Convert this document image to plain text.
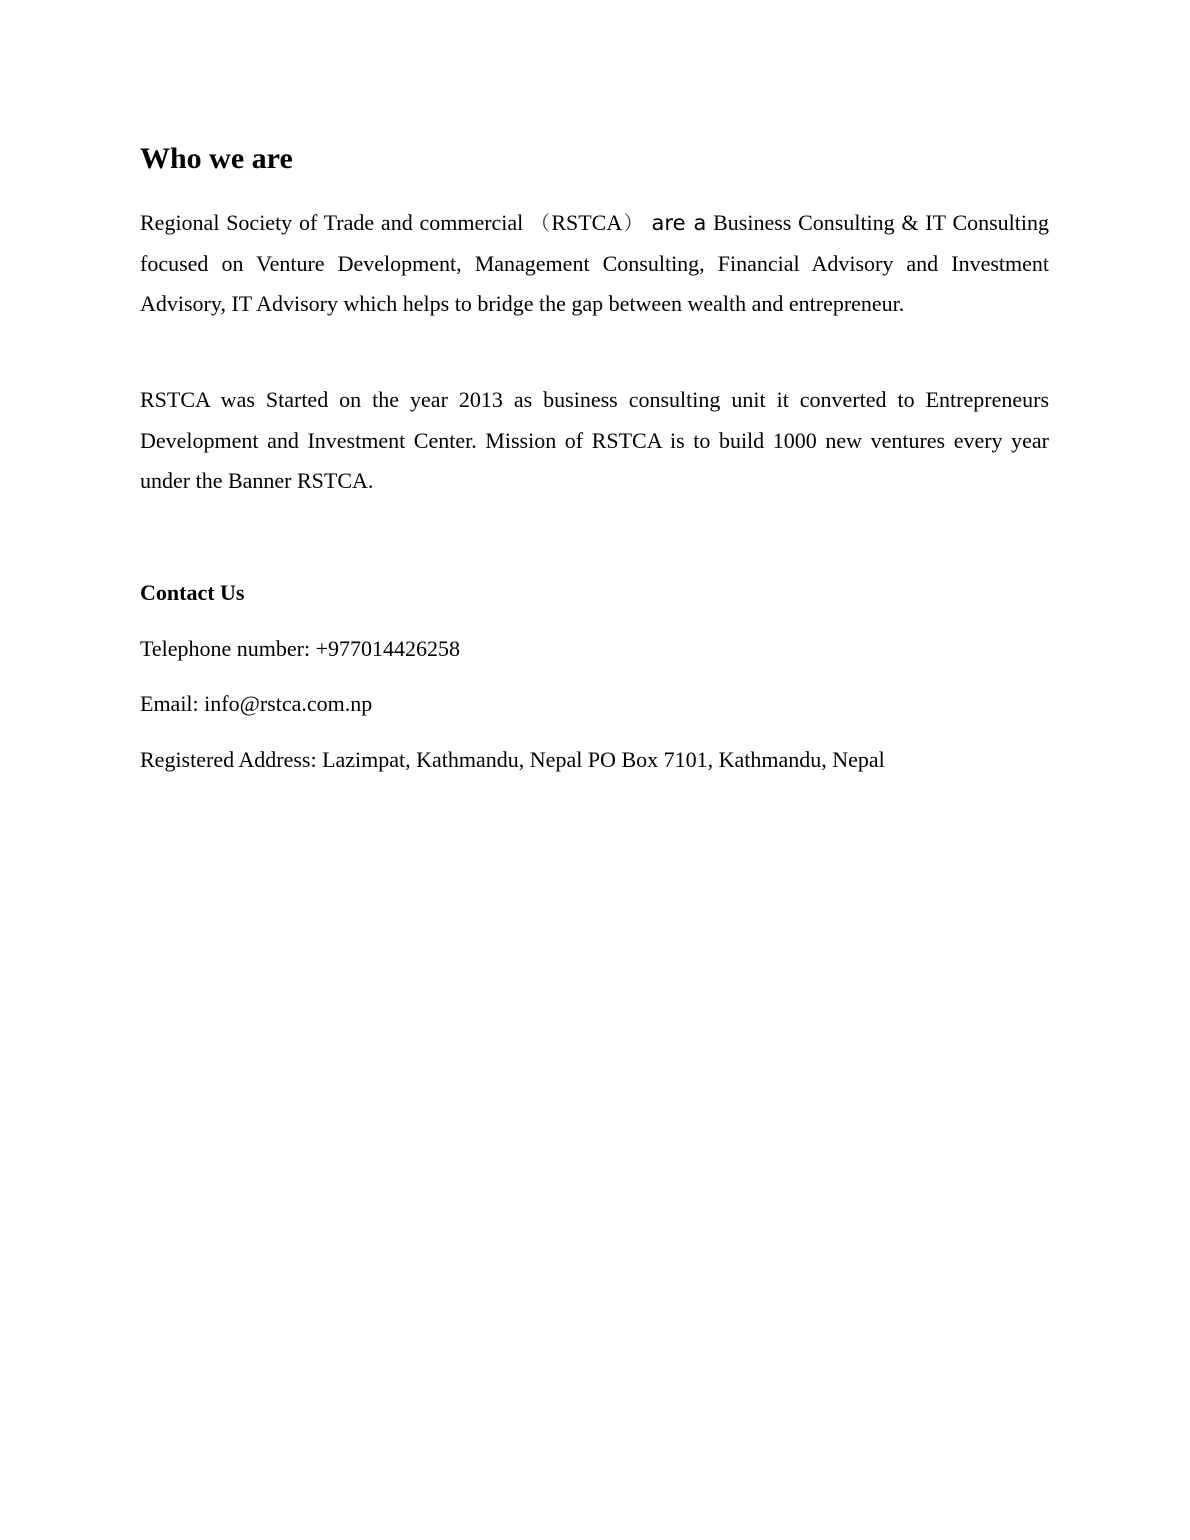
Who we are

Regional Society of Trade and commercial （RSTCA） are a Business Consulting & IT Consulting focused on Venture Development, Management Consulting, Financial Advisory and Investment Advisory, IT Advisory which helps to bridge the gap between wealth and entrepreneur.

RSTCA was Started on the year 2013 as business consulting unit it converted to Entrepreneurs Development and Investment Center. Mission of RSTCA is to build 1000 new ventures every year under the Banner RSTCA.

Contact Us

Telephone number: +977014426258

Email: info@rstca.com.np

Registered Address: Lazimpat, Kathmandu, Nepal PO Box 7101, Kathmandu, Nepal
